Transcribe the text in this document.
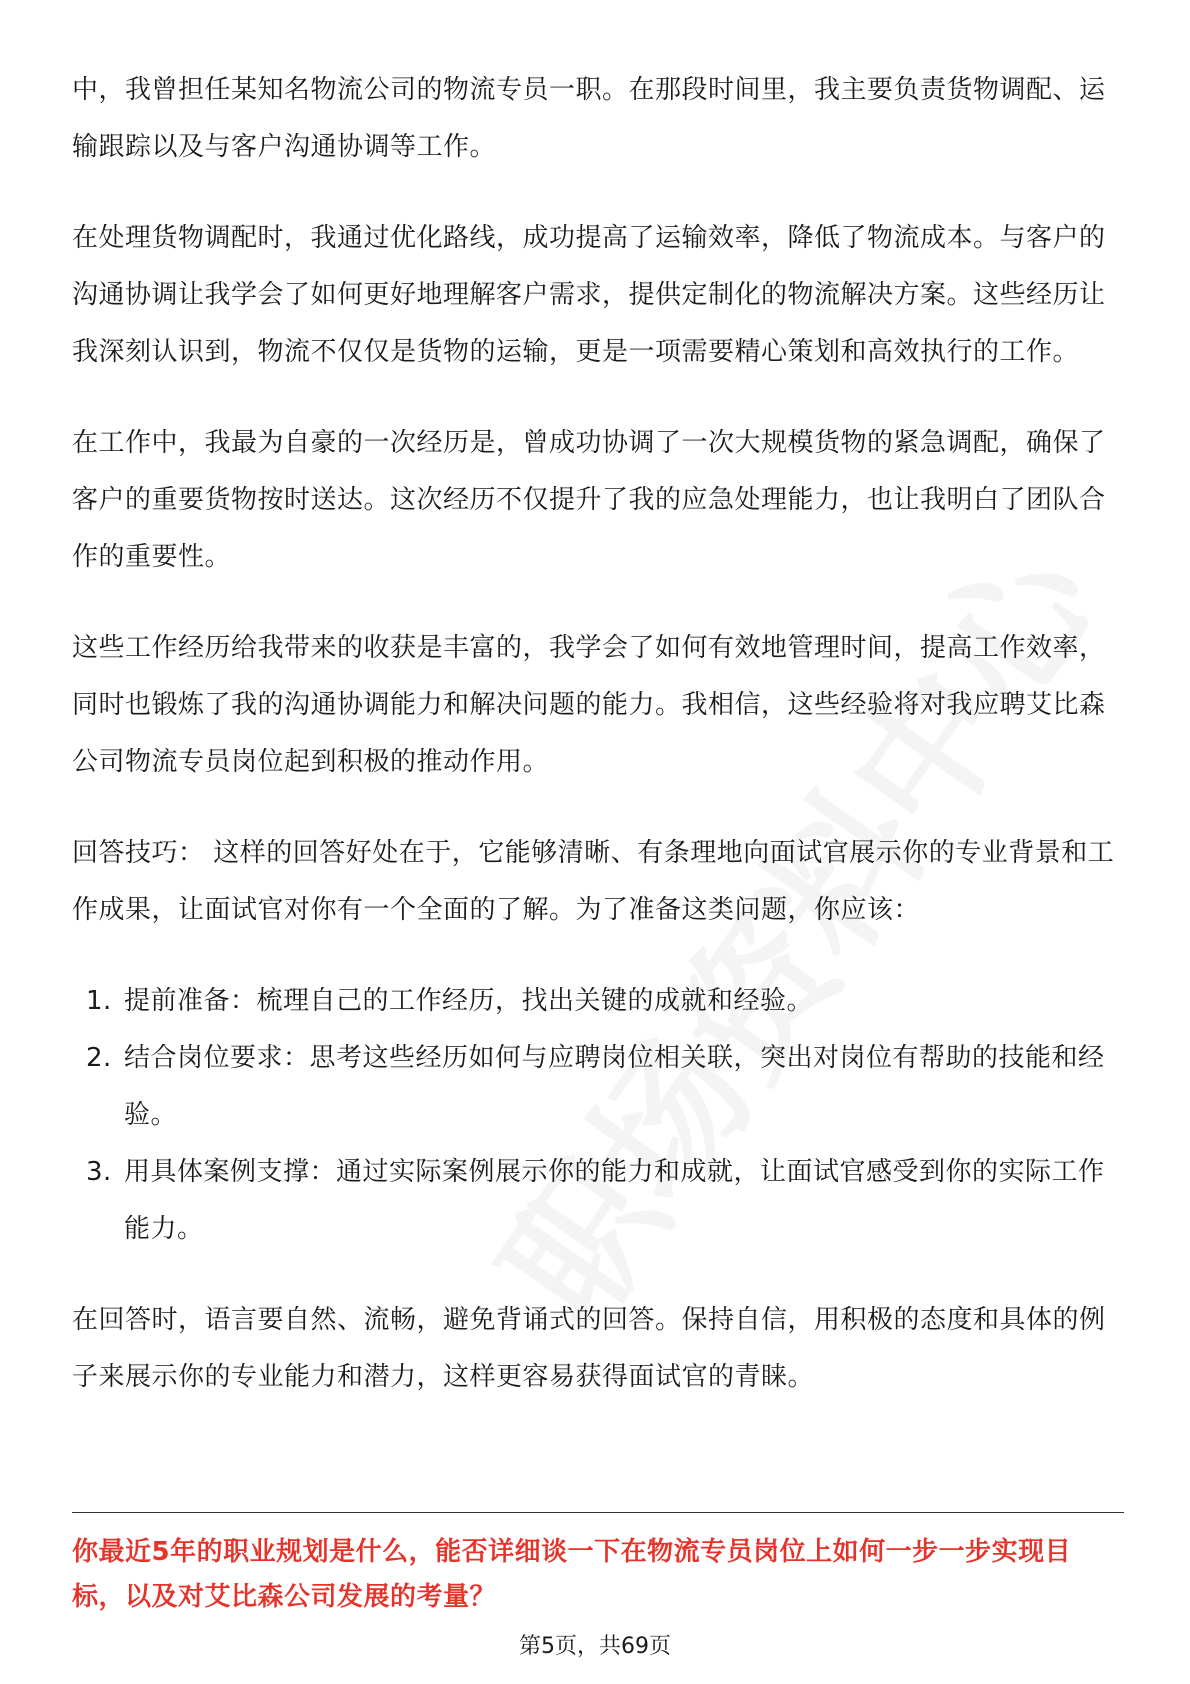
中，我曾担任某知名物流公司的物流专员一职。在那段时间里，我主要负责货物调配、运输跟踪以及与客户沟通协调等工作。

在处理货物调配时，我通过优化路线，成功提高了运输效率，降低了物流成本。与客户的沟通协调让我学会了如何更好地理解客户需求，提供定制化的物流解决方案。这些经历让我深刻认识到，物流不仅仅是货物的运输，更是一项需要精心策划和高效执行的工作。

在工作中，我最为自豪的一次经历是，曾成功协调了一次大规模货物的紧急调配，确保了客户的重要货物按时送达。这次经历不仅提升了我的应急处理能力，也让我明白了团队合作的重要性。

这些工作经历给我带来的收获是丰富的，我学会了如何有效地管理时间，提高工作效率，同时也锻炼了我的沟通协调能力和解决问题的能力。我相信，这些经验将对我应聘艾比森公司物流专员岗位起到积极的推动作用。

回答技巧： 这样的回答好处在于，它能够清晰、有条理地向面试官展示你的专业背景和工作成果，让面试官对你有一个全面的了解。为了准备这类问题，你应该：

1. 提前准备：梳理自己的工作经历，找出关键的成就和经验。
2. 结合岗位要求：思考这些经历如何与应聘岗位相关联，突出对岗位有帮助的技能和经验。
3. 用具体案例支撑：通过实际案例展示你的能力和成就，让面试官感受到你的实际工作能力。

在回答时，语言要自然、流畅，避免背诵式的回答。保持自信，用积极的态度和具体的例子来展示你的专业能力和潜力，这样更容易获得面试官的青睐。

你最近5年的职业规划是什么，能否详细谈一下在物流专员岗位上如何一步一步实现目标，以及对艾比森公司发展的考量？
第5页，共69页
